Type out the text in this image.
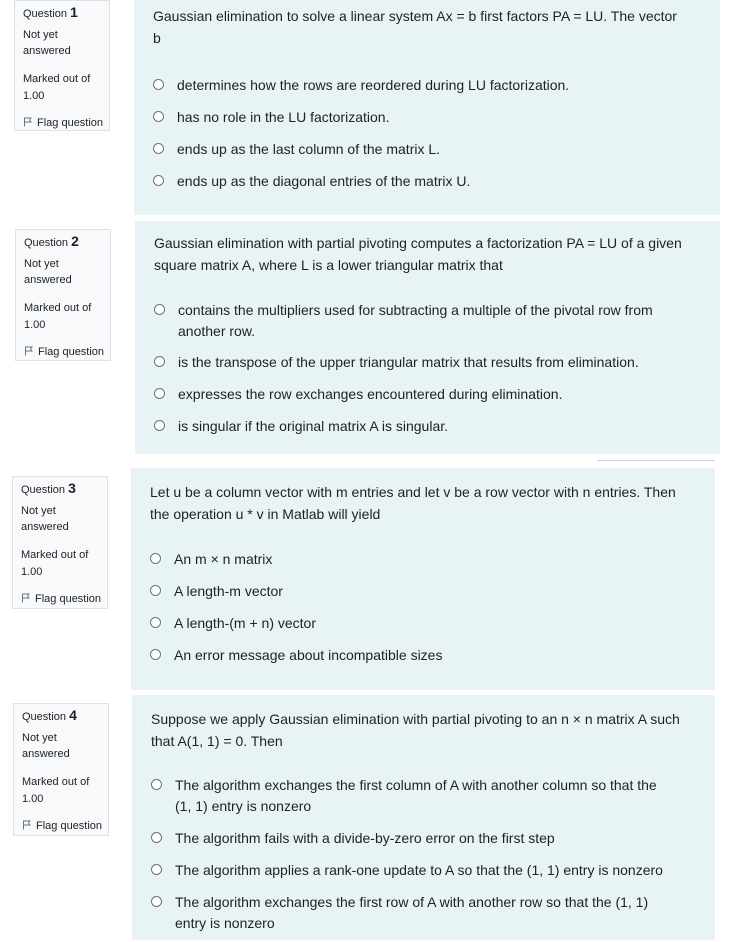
Question 1
Not yet answered
Marked out of 1.00
Flag question

Gaussian elimination to solve a linear system Ax = b first factors PA = LU. The vector b

determines how the rows are reordered during LU factorization.
has no role in the LU factorization.
ends up as the last column of the matrix L.
ends up as the diagonal entries of the matrix U.
Question 2
Not yet answered
Marked out of 1.00
Flag question

Gaussian elimination with partial pivoting computes a factorization PA = LU of a given square matrix A, where L is a lower triangular matrix that

contains the multipliers used for subtracting a multiple of the pivotal row from another row.
is the transpose of the upper triangular matrix that results from elimination.
expresses the row exchanges encountered during elimination.
is singular if the original matrix A is singular.
Question 3
Not yet answered
Marked out of 1.00
Flag question

Let u be a column vector with m entries and let v be a row vector with n entries. Then the operation u * v in Matlab will yield

An m × n matrix
A length-m vector
A length-(m + n) vector
An error message about incompatible sizes
Question 4
Not yet answered
Marked out of 1.00
Flag question

Suppose we apply Gaussian elimination with partial pivoting to an n × n matrix A such that A(1, 1) = 0. Then

The algorithm exchanges the first column of A with another column so that the (1, 1) entry is nonzero
The algorithm fails with a divide-by-zero error on the first step
The algorithm applies a rank-one update to A so that the (1, 1) entry is nonzero
The algorithm exchanges the first row of A with another row so that the (1, 1) entry is nonzero
